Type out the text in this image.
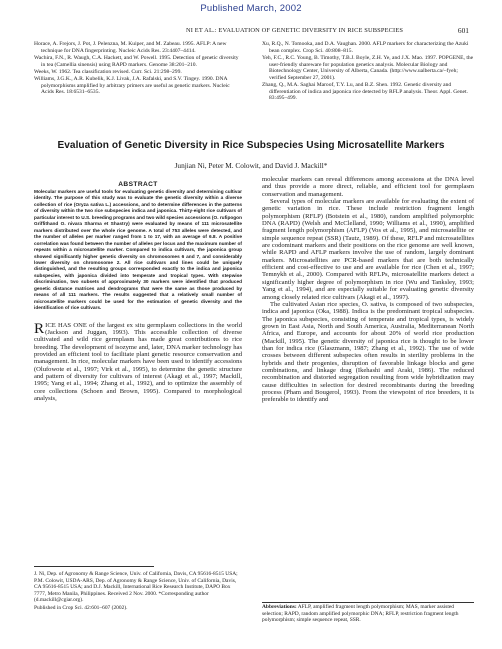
Published March, 2002
NI ET AL.: EVALUATION OF GENETIC DIVERSITY IN RICE SUBSPECIES	601

Horace, A. Frejors, J. Pot, J. Pelenzna, M. Kuiper, and M. Zabeau. 1995. AFLP: A new technique for DNA fingerprinting. Nucleic Acids Res. 23:4407–4414.

Wachira, F.N., R. Waugh, C.A. Hackett, and W. Powell. 1995. Detection of genetic diversity in tea (Camellia sinensis) using RAPD markers. Genome 38:201–210.

Weeks, W. 1962. Tea classification revised. Curr. Sci. 21:298–299.

Williams, J.G.K., A.R. Kubelik, K.J. Livak, J.A. Rafalski, and S.V. Tingey. 1990. DNA polymorphisms amplified by arbitrary primers are useful as genetic markers. Nucleic Acids Res. 18:6531–6535.

Xu, R.Q., N. Tomooka, and D.A. Vaughan. 2000. AFLP markers for characterizing the Azuki bean complex. Crop Sci. 40:808–815.

Yeh, F.C., R.C. Young, B. Timothy, T.B.J. Boyle, Z.H. Ye, and J.X. Mao. 1997. POPGENE, the user-friendly shareware for population genetics analysis. Molecular Biology and Biotechnology Center, University of Alberta, Canada. (http://www.ualberta.ca/~fyeh; verified September 27, 2001).

Zhang, Q., M.A. Saghai Maroof, T.Y. Lu, and B.Z. Shen. 1992. Genetic diversity and differentiation of indica and japonica rice detected by RFLP analysis. Theor. Appl. Genet. 83:495–499.

Evaluation of Genetic Diversity in Rice Subspecies Using Microsatellite Markers
Junjian Ni, Peter M. Colowit, and David J. Mackill*
ABSTRACT

Molecular markers are useful tools for evaluating genetic diversity and determining cultivar identity. The purpose of this study was to evaluate the genetic diversity within a diverse collection of rice (Oryza sativa L.) accessions, and to determine differences in the patterns of diversity within the two rice subspecies indica and japonica. Thirty-eight rice cultivars of particular interest to U.S. breeding programs and two wild species accessions (O. rufipogon Griffithand O. nivara Sharma et Shastry) were evaluated by means of 111 microsatellite markers distributed over the whole rice genome. A total of 753 alleles were detected, and the number of alleles per marker ranged from 1 to 17, with an average of 6.8. A positive correlation was found between the number of alleles per locus and the maximum number of repeats within a microsatellite marker. Compared to indica cultivars, the japonica group showed significantly higher genetic diversity on chromosomes 6 and 7, and considerably lower diversity on chromosome 2. All rice cultivars and lines could be uniquely distinguished, and the resulting groups corresponded exactly to the indica and japonica subspecies, with japonica divided into temperate and tropical types. With stepwise discrimination, two subsets of approximately 30 markers were identified that produced genetic distance matrices and dendrograms that were the same as those produced by means of all 111 markers. The results suggested that a relatively small number of microsatellite markers could be used for the estimation of genetic diversity and the identification of rice cultivars.

RICE HAS ONE of the largest ex situ germplasm collections in the world (Jackson and Juggan, 1993). This accessible collection of diverse cultivated and wild rice germplasm has made great contributions to rice breeding. The development of isozyme and, later, DNA marker technology has provided an efficient tool to facilitate plant genetic resource conservation and management. In rice, molecular markers have been used to identify accessions (Olufowote et al., 1997; Virk et al., 1995), to determine the genetic structure and pattern of diversity for cultivars of interest (Akagi et al., 1997; Mackill, 1995; Yang et al., 1994; Zhang et al., 1992), and to optimize the assembly of core collections (Schoen and Brown, 1995). Compared to morphological analysis,

J. Ni, Dep. of Agronomy & Range Science, Univ. of California, Davis, CA 95616-8515 USA; P.M. Colowit, USDA-ARS, Dep. of Agronomy & Range Science, Univ. of California, Davis, CA 95616-8515 USA; and D.J. Mackill, International Rice Research Institute, DAPO Box 7777, Metro Manila, Philippines. Received 2 Nov. 2000. *Corresponding author (d.mackill@cgiar.org).

Published in Crop Sci. 42:601–607 (2002).

molecular markers can reveal differences among accessions at the DNA level and thus provide a more direct, reliable, and efficient tool for germplasm conservation and management.

Several types of molecular markers are available for evaluating the extent of genetic variation in rice. These include restriction fragment length polymorphism (RFLP) (Botstein et al., 1980), random amplified polymorphic DNA (RAPD) (Welsh and McClelland, 1990; Williams et al., 1990), amplified fragment length polymorphism (AFLP) (Vos et al., 1995), and microsatellite or simple sequence repeat (SSR) (Tautz, 1989). Of these, RFLP and microsatellites are codominant markers and their positions on the rice genome are well known, while RAPD and AFLP markers involve the use of random, largely dominant markers. Microsatellites are PCR-based markers that are both technically efficient and cost-effective to use and are available for rice (Chen et al., 1997; Temnykh et al., 2000). Compared with RFLPs, microsatellite markers detect a significantly higher degree of polymorphism in rice (Wu and Tanksley, 1993; Yang et al., 1994), and are especially suitable for evaluating genetic diversity among closely related rice cultivars (Akagi et al., 1997).

The cultivated Asian rice species, O. sativa, is composed of two subspecies, indica and japonica (Oka, 1988). Indica is the predominant tropical subspecies. The japonica subspecies, consisting of temperate and tropical types, is widely grown in East Asia, North and South America, Australia, Mediterranean North Africa, and Europe, and accounts for about 20% of world rice production (Mackill, 1995). The genetic diversity of japonica rice is thought to be lower than for indica rice (Glaszmann, 1987; Zhang et al., 1992). The use of wide crosses between different subspecies often results in sterility problems in the hybrids and their progenies, disruption of favorable linkage blocks and gene combinations, and linkage drag (Ikehashi and Araki, 1986). The reduced recombination and distorted segregation resulting from wide hybridization may cause difficulties in selection for desired recombinants during the breeding process (Pham and Bougerol, 1993). From the viewpoint of rice breeders, it is preferable to identify and

Abbreviations: AFLP, amplified fragment length polymorphism; MAS, marker assisted selection; RAPD, random amplified polymorphic DNA; RFLP, restriction fragment length polymorphism; simple sequence repeat, SSR.
